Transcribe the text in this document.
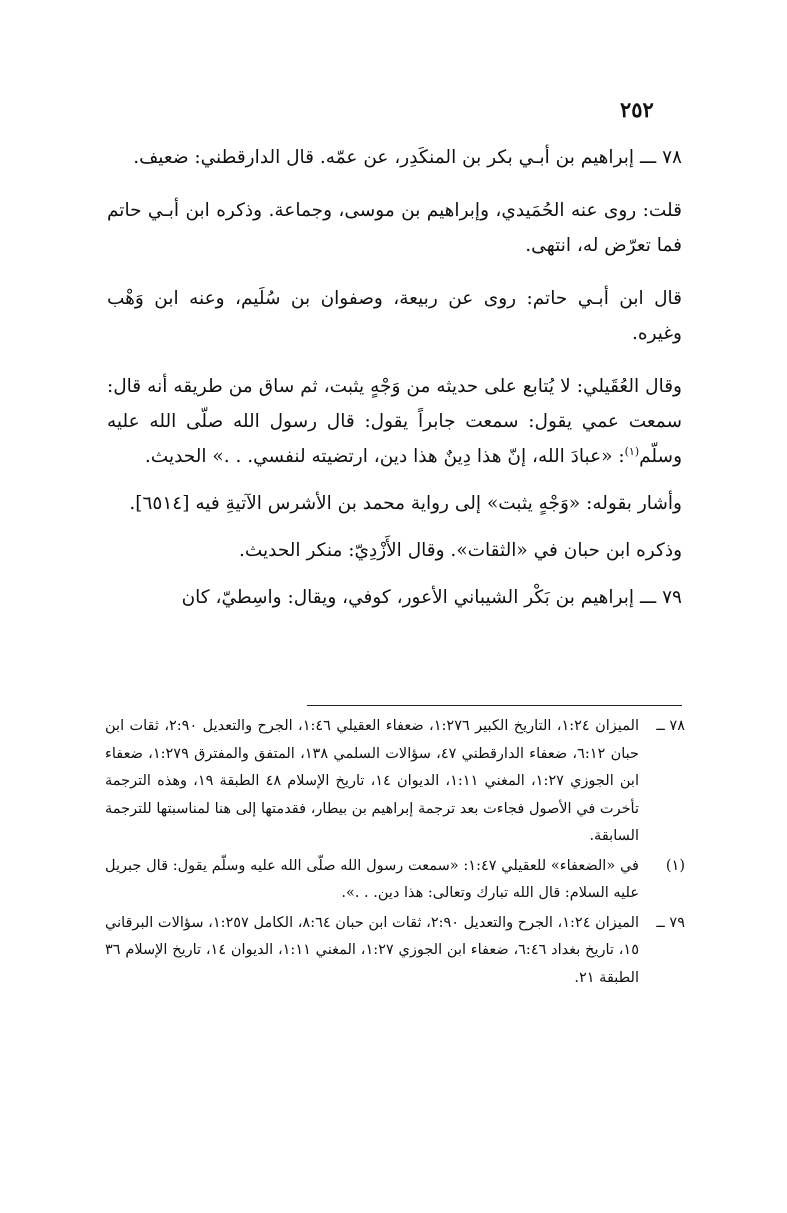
٢٥٢

٧٨ ـــ إبراهيم بن أبـي بكر بن المنكَدِر، عن عمّه. قال الدارقطني: ضعيف.

قلت: روى عنه الحُمَيدي، وإبراهيم بن موسى، وجماعة. وذكره ابن أبـي حاتم فما تعرّض له، انتهى.

قال ابن أبـي حاتم: روى عن ربيعة، وصفوان بن سُلَيم، وعنه ابن وَهْب وغيره.

وقال العُقَيلي: لا يُتابع على حديثه من وَجْهٍ يثبت، ثم ساق من طريقه أنه قال: سمعت عمي يقول: سمعت جابراً يقول: قال رسول الله صلّى الله عليه وسلّم$^{(١)}$: «عبادَ الله، إنّ هذا دِينٌ هذا دين، ارتضيته لنفسي. . .» الحديث.

وأشار بقوله: «وَجْهٍ يثبت» إلى رواية محمد بن الأشرس الآتيةِ فيه [٦٥١٤].

وذكره ابن حبان في «الثقات». وقال الأَزْدِيّ: منكر الحديث.

٧٩ ـــ إبراهيم بن بَكْر الشيباني الأعور، كوفي، ويقال: واسِطيّ، كان

٧٨ ــ
الميزان ١:٢٤، التاريخ الكبير ١:٢٧٦، ضعفاء العقيلي ١:٤٦، الجرح والتعديل ٢:٩٠، ثقات ابن حبان ٦:١٢، ضعفاء الدارقطني ٤٧، سؤالات السلمي ١٣٨، المتفق والمفترق ١:٢٧٩، ضعفاء ابن الجوزي ١:٢٧، المغني ١:١١، الديوان ١٤، تاريخ الإسلام ٤٨ الطبقة ١٩، وهذه الترجمة تأخرت في الأصول فجاءت بعد ترجمة إبراهيم بن بيطار، فقدمتها إلى هنا لمناسبتها للترجمة السابقة.
(١)
في «الضعفاء» للعقيلي ١:٤٧: «سمعت رسول الله صلّى الله عليه وسلّم يقول: قال جبريل عليه السلام: قال الله تبارك وتعالى: هذا دين. . .».
٧٩ ــ
الميزان ١:٢٤، الجرح والتعديل ٢:٩٠، ثقات ابن حبان ٨:٦٤، الكامل ١:٢٥٧، سؤالات البرقاني ١٥، تاريخ بغداد ٦:٤٦، ضعفاء ابن الجوزي ١:٢٧، المغني ١:١١، الديوان ١٤، تاريخ الإسلام ٣٦ الطبقة ٢١.
